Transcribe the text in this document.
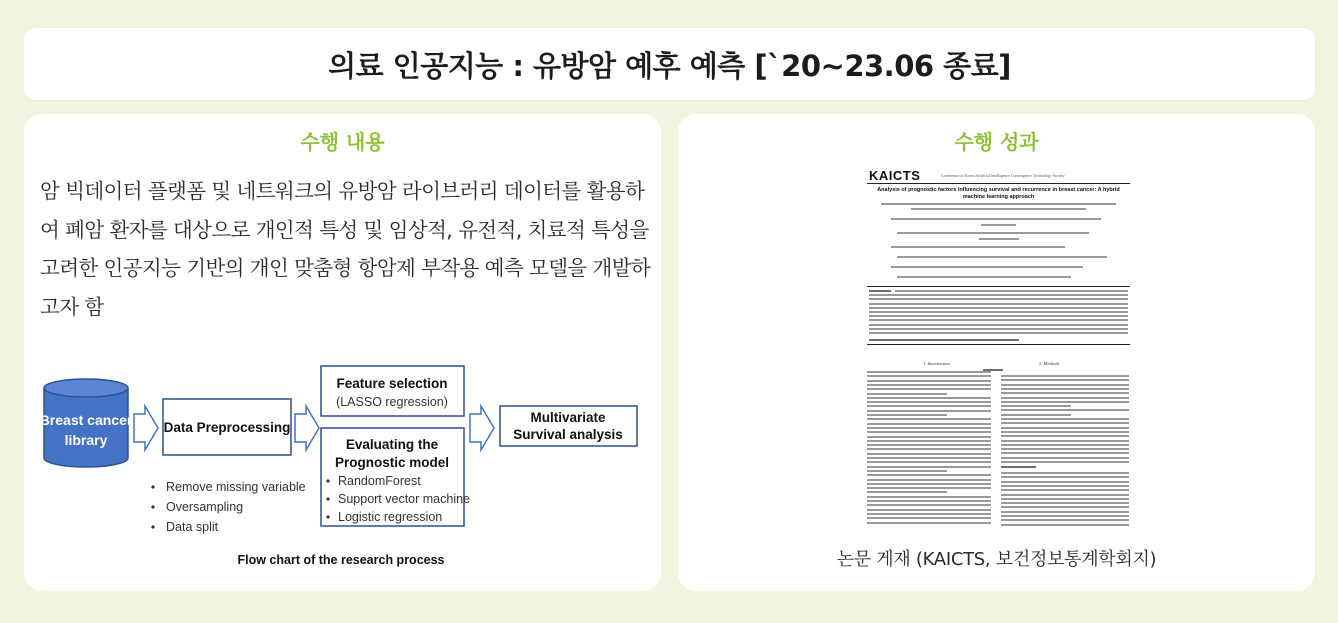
의료 인공지능 : 유방암 예후 예측 [`20~23.06 종료]
수행 내용

암 빅데이터 플랫폼 및 네트워크의 유방암 라이브러리 데이터를 활용하여 폐암 환자를 대상으로 개인적 특성 및 임상적, 유전적, 치료적 특성을 고려한 인공지능 기반의 개인 맞춤형 항암제 부작용 예측 모델을 개발하고자 함

Breast cancer
library
Data Preprocessing
Remove missing variable
Oversampling
Data split
Feature selection
(LASSO regression)
Evaluating the
Prognostic model
RandomForest
Support vector machine
Logistic regression
Multivariate
Survival analysis
Flow chart of the research process
수행 성과
KAICTS	Conference of Korea Artificial Intelligence Convergence Technology Society
Analysis of prognostic factors influencing survival and recurrence in breast cancer: A hybrid machine learning approach
1. Introduction	2. Methods
논문 게재 (KAICTS, 보건정보통계학회지)
